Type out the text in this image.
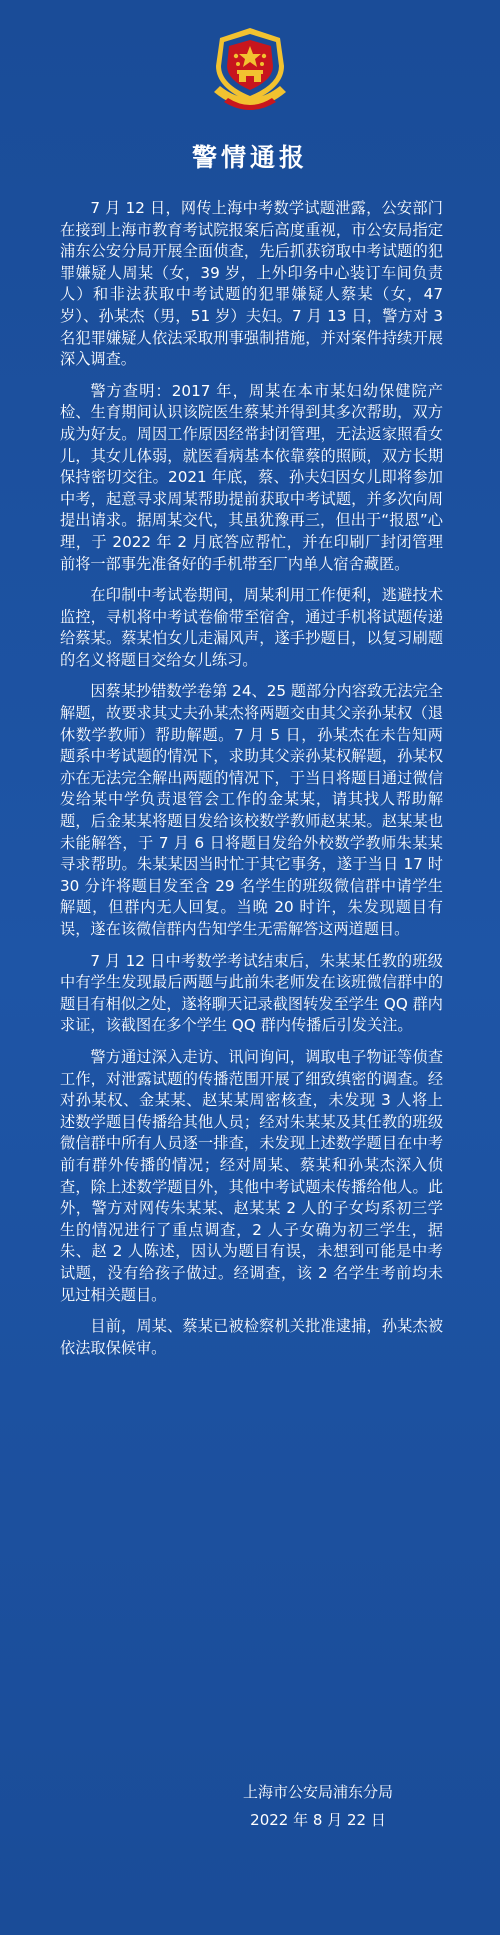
警情通报

7 月 12 日，网传上海中考数学试题泄露，公安部门在接到上海市教育考试院报案后高度重视，市公安局指定浦东公安分局开展全面侦查，先后抓获窃取中考试题的犯罪嫌疑人周某（女，39 岁，上外印务中心装订车间负责人）和非法获取中考试题的犯罪嫌疑人蔡某（女，47 岁）、孙某杰（男，51 岁）夫妇。7 月 13 日，警方对 3 名犯罪嫌疑人依法采取刑事强制措施，并对案件持续开展深入调查。

警方查明：2017 年，周某在本市某妇幼保健院产检、生育期间认识该院医生蔡某并得到其多次帮助，双方成为好友。周因工作原因经常封闭管理，无法返家照看女儿，其女儿体弱，就医看病基本依靠蔡的照顾，双方长期保持密切交往。2021 年底，蔡、孙夫妇因女儿即将参加中考，起意寻求周某帮助提前获取中考试题，并多次向周提出请求。据周某交代，其虽犹豫再三，但出于“报恩”心理，于 2022 年 2 月底答应帮忙，并在印刷厂封闭管理前将一部事先准备好的手机带至厂内单人宿舍藏匿。

在印制中考试卷期间，周某利用工作便利，逃避技术监控，寻机将中考试卷偷带至宿舍，通过手机将试题传递给蔡某。蔡某怕女儿走漏风声，遂手抄题目，以复习刷题的名义将题目交给女儿练习。

因蔡某抄错数学卷第 24、25 题部分内容致无法完全解题，故要求其丈夫孙某杰将两题交由其父亲孙某权（退休数学教师）帮助解题。7 月 5 日，孙某杰在未告知两题系中考试题的情况下，求助其父亲孙某权解题，孙某权亦在无法完全解出两题的情况下，于当日将题目通过微信发给某中学负责退管会工作的金某某，请其找人帮助解题，后金某某将题目发给该校数学教师赵某某。赵某某也未能解答，于 7 月 6 日将题目发给外校数学教师朱某某寻求帮助。朱某某因当时忙于其它事务，遂于当日 17 时 30 分许将题目发至含 29 名学生的班级微信群中请学生解题，但群内无人回复。当晚 20 时许，朱发现题目有误，遂在该微信群内告知学生无需解答这两道题目。

7 月 12 日中考数学考试结束后，朱某某任教的班级中有学生发现最后两题与此前朱老师发在该班微信群中的题目有相似之处，遂将聊天记录截图转发至学生 QQ 群内求证，该截图在多个学生 QQ 群内传播后引发关注。

警方通过深入走访、讯问询问，调取电子物证等侦查工作，对泄露试题的传播范围开展了细致缜密的调查。经对孙某权、金某某、赵某某周密核查，未发现 3 人将上述数学题目传播给其他人员；经对朱某某及其任教的班级微信群中所有人员逐一排查，未发现上述数学题目在中考前有群外传播的情况；经对周某、蔡某和孙某杰深入侦查，除上述数学题目外，其他中考试题未传播给他人。此外，警方对网传朱某某、赵某某 2 人的子女均系初三学生的情况进行了重点调查，2 人子女确为初三学生，据朱、赵 2 人陈述，因认为题目有误，未想到可能是中考试题，没有给孩子做过。经调查，该 2 名学生考前均未见过相关题目。

目前，周某、蔡某已被检察机关批准逮捕，孙某杰被依法取保候审。

上海市公安局浦东分局
2022 年 8 月 22 日
